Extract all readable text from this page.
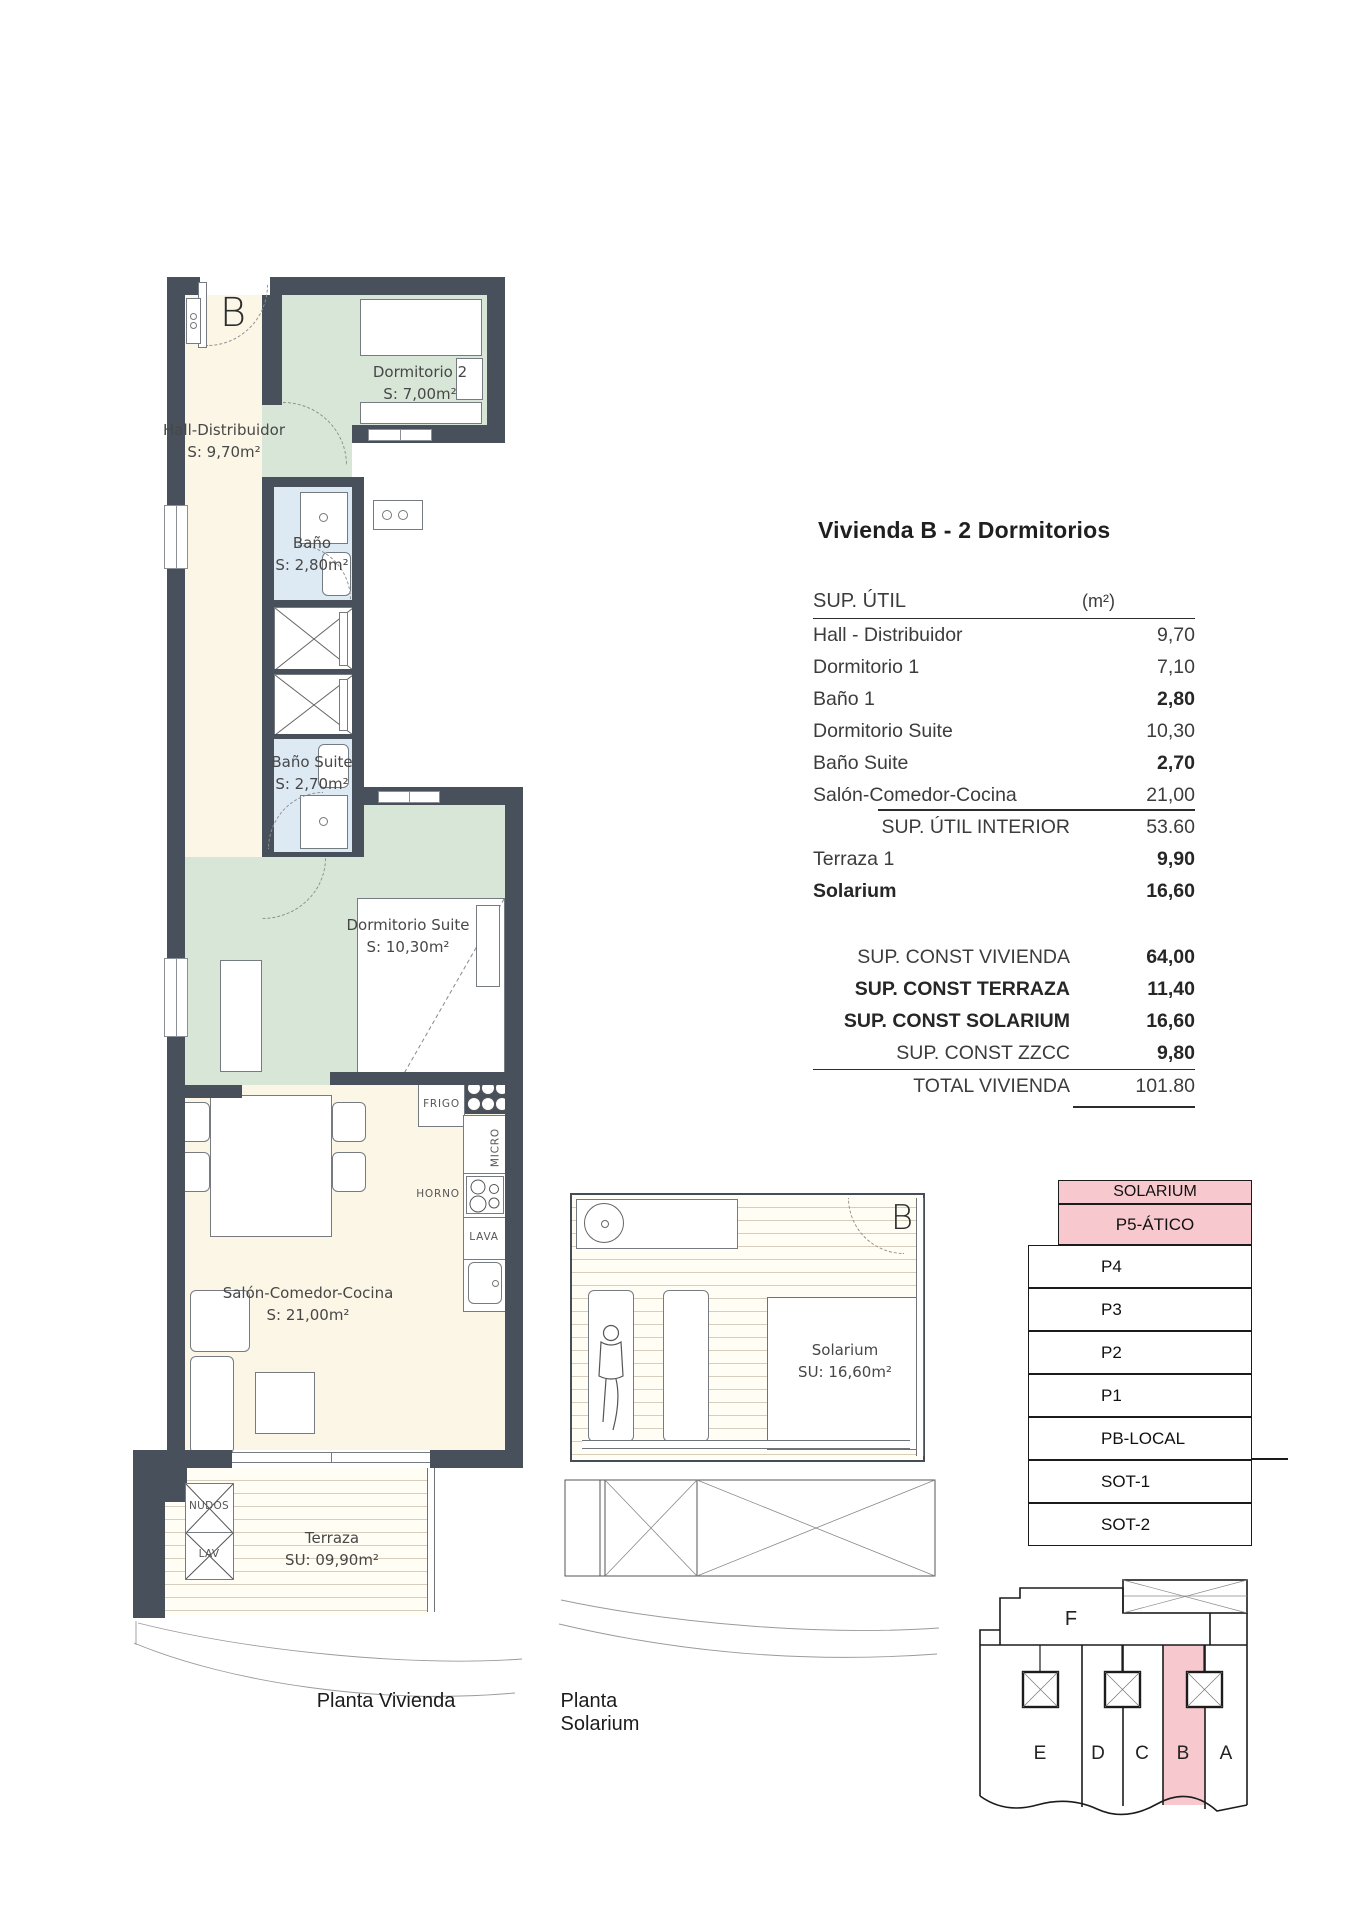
FRIGO
MICRO
HORNO
LAVA
NUDOS
LAV
B
Hall-Distribuidor
S: 9,70m²
Dormitorio 2
S: 7,00m²
Baño
S: 2,80m²
Baño Suite
S: 2,70m²
Dormitorio Suite
S: 10,30m²
Salón-Comedor-Cocina
S: 21,00m²
Terraza
SU: 09,90m²
Planta Vivienda
B
Solarium
SU: 16,60m²
Planta Solarium
Vivienda B - 2 Dormitorios
SUP. ÚTIL	(m²)
Hall - Distribuidor	9,70
Dormitorio 1	7,10
Baño 1	2,80
Dormitorio Suite	10,30
Baño Suite	2,70
Salón-Comedor-Cocina	21,00
SUP. ÚTIL INTERIOR	53.60
Terraza 1	9,90
Solarium	16,60
SUP. CONST VIVIENDA	64,00
SUP. CONST TERRAZA	11,40
SUP. CONST SOLARIUM	16,60
SUP. CONST ZZCC	9,80
TOTAL VIVIENDA	101.80
SOLARIUM
P5-ÁTICO
P4
P3
P2
P1
PB-LOCAL
SOT-1
SOT-2
F
E D C B A
